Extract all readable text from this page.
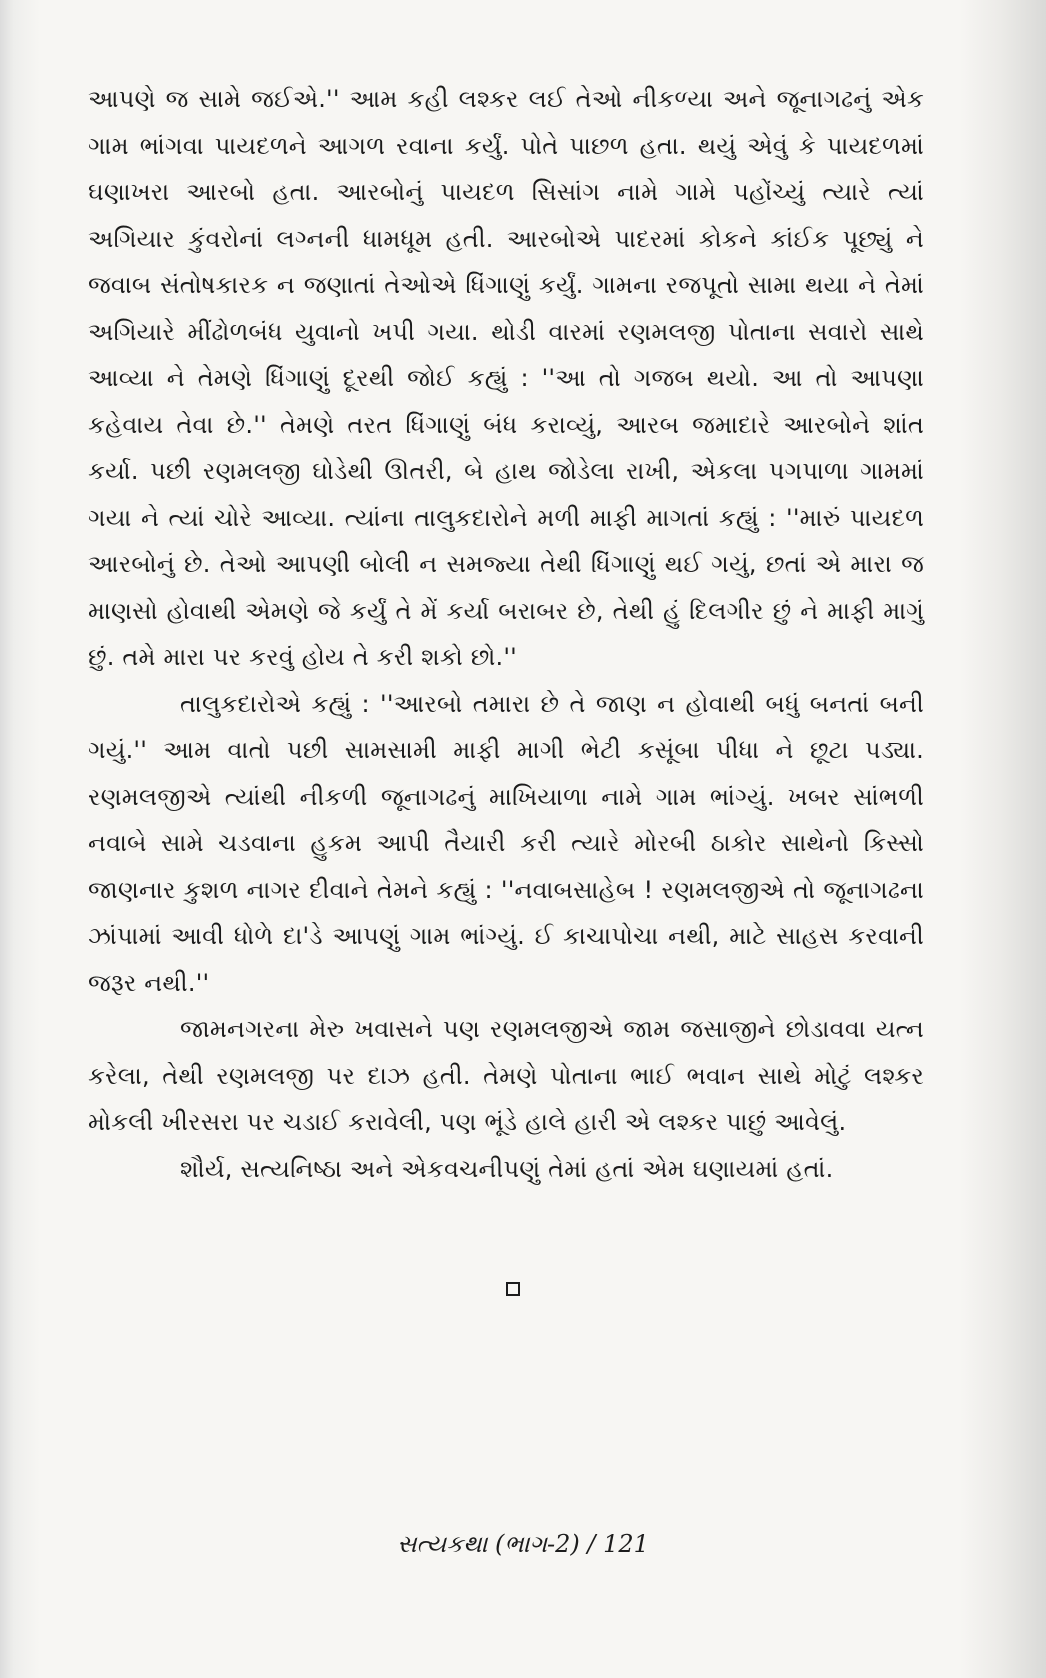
આપણે જ સામે જઈએ.'' આમ કહી લશ્કર લઈ તેઓ નીકળ્યા અને જૂનાગઢનું એક ગામ ભાંગવા પાયદળને આગળ રવાના કર્યું. પોતે પાછળ હતા. થયું એવું કે પાયદળમાં ઘણાખરા આરબો હતા. આરબોનું પાયદળ સિસાંગ નામે ગામે પહોંચ્યું ત્યારે ત્યાં અગિયાર કુંવરોનાં લગ્નની ધામધૂમ હતી. આરબોએ પાદરમાં કોકને કાંઈક પૂછ્યું ને જવાબ સંતોષકારક ન જણાતાં તેઓએ ધિંગાણું કર્યું. ગામના રજપૂતો સામા થયા ને તેમાં અગિયારે મીંઢોળબંધ યુવાનો ખપી ગયા. થોડી વારમાં રણમલજી પોતાના સવારો સાથે આવ્યા ને તેમણે ધિંગાણું દૂરથી જોઈ કહ્યું : ''આ તો ગજબ થયો. આ તો આપણા કહેવાય તેવા છે.'' તેમણે તરત ધિંગાણું બંધ કરાવ્યું, આરબ જમાદારે આરબોને શાંત કર્યા. પછી રણમલજી ઘોડેથી ઊતરી, બે હાથ જોડેલા રાખી, એકલા પગપાળા ગામમાં ગયા ને ત્યાં ચોરે આવ્યા. ત્યાંના તાલુકદારોને મળી માફી માગતાં કહ્યું : ''મારું પાયદળ આરબોનું છે. તેઓ આપણી બોલી ન સમજ્યા તેથી ધિંગાણું થઈ ગયું, છતાં એ મારા જ માણસો હોવાથી એમણે જે કર્યું તે મેં કર્યા બરાબર છે, તેથી હું દિલગીર છું ને માફી માગું છું. તમે મારા પર કરવું હોય તે કરી શકો છો.''

તાલુકદારોએ કહ્યું : ''આરબો તમારા છે તે જાણ ન હોવાથી બધું બનતાં બની ગયું.'' આમ વાતો પછી સામસામી માફી માગી ભેટી કસૂંબા પીધા ને છૂટા પડ્યા. રણમલજીએ ત્યાંથી નીકળી જૂનાગઢનું માખિયાળા નામે ગામ ભાંગ્યું. ખબર સાંભળી નવાબે સામે ચડવાના હુકમ આપી તૈયારી કરી ત્યારે મોરબી ઠાકોર સાથેનો કિસ્સો જાણનાર કુશળ નાગર દીવાને તેમને કહ્યું : ''નવાબસાહેબ ! રણમલજીએ તો જૂનાગઢના ઝાંપામાં આવી ધોળે દા'ડે આપણું ગામ ભાંગ્યું. ઈ કાચાપોચા નથી, માટે સાહસ કરવાની જરૂર નથી.''

જામનગરના મેરુ ખવાસને પણ રણમલજીએ જામ જસાજીને છોડાવવા યત્ન કરેલા, તેથી રણમલજી પર દાઝ હતી. તેમણે પોતાના ભાઈ ભવાન સાથે મોટું લશ્કર મોકલી ખીરસરા પર ચડાઈ કરાવેલી, પણ ભૂંડે હાલે હારી એ લશ્કર પાછું આવેલું.

શૌર્ય, સત્યનિષ્ઠા અને એકવચનીપણું તેમાં હતાં એમ ઘણાયમાં હતાં.

સત્યકથા (ભાગ-2) / 121
